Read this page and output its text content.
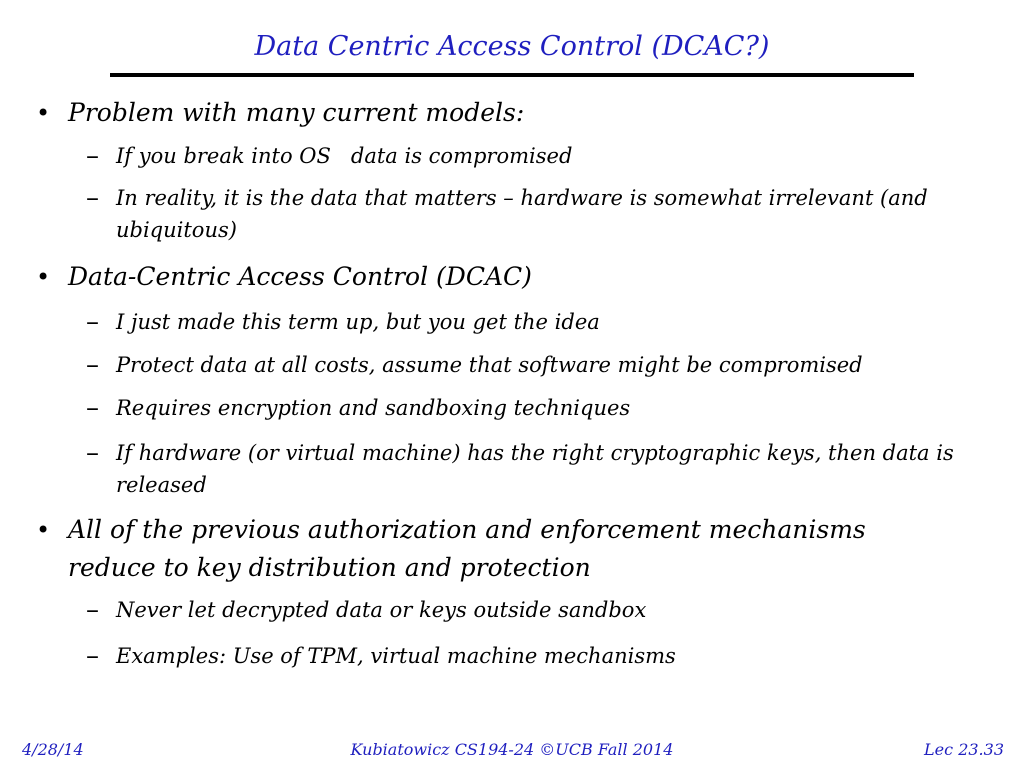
Data Centric Access Control (DCAC?)
• Problem with many current models:
– If you break into OS   data is compromised
– In reality, it is the data that matters – hardware is somewhat irrelevant (and ubiquitous)
• Data-Centric Access Control (DCAC)
– I just made this term up, but you get the idea
– Protect data at all costs, assume that software might be compromised
– Requires encryption and sandboxing techniques
– If hardware (or virtual machine) has the right cryptographic keys, then data is released
• All of the previous authorization and enforcement mechanisms reduce to key distribution and protection
– Never let decrypted data or keys outside sandbox
– Examples: Use of TPM, virtual machine mechanisms
4/28/14	Kubiatowicz CS194-24 ©UCB Fall 2014	Lec 23.33
